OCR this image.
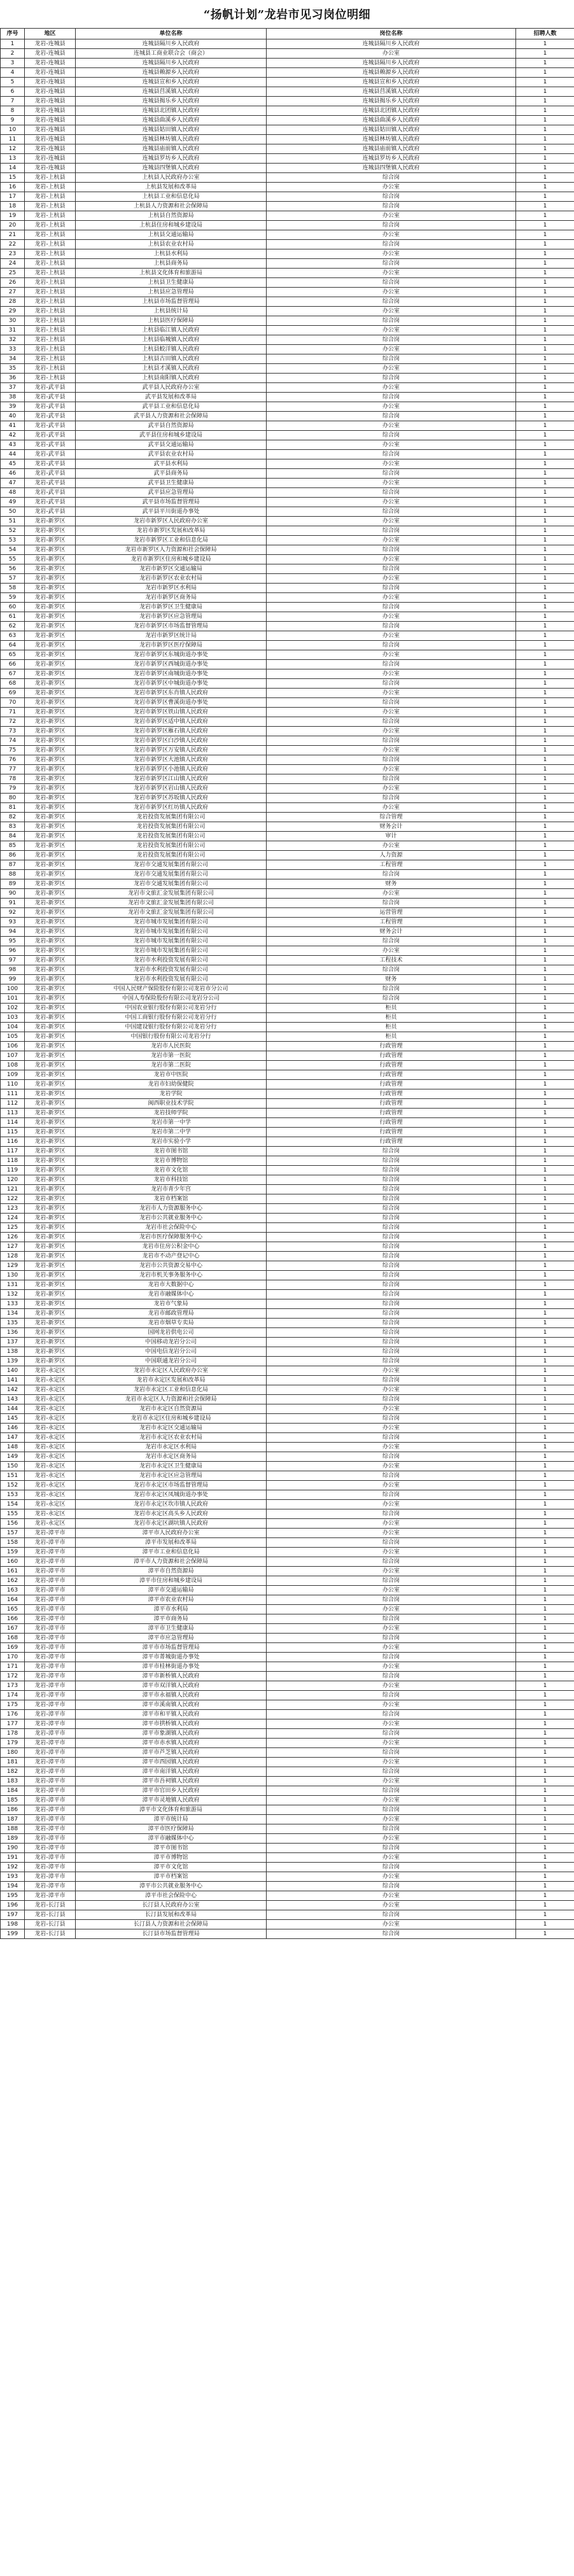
“扬帆计划”龙岩市见习岗位明细
序号	地区	单位名称	岗位名称	招聘人数
1	龙岩-连城县	连城县隔川乡人民政府	连城县隔川乡人民政府	1
2	龙岩-连城县	连城县工商业联合会（商会）	办公室	1
3	龙岩-连城县	连城县隔川乡人民政府	连城县隔川乡人民政府	1
4	龙岩-连城县	连城县赖源乡人民政府	连城县赖源乡人民政府	1
5	龙岩-连城县	连城县宣和乡人民政府	连城县宣和乡人民政府	1
6	龙岩-连城县	连城县莒溪镇人民政府	连城县莒溪镇人民政府	1
7	龙岩-连城县	连城县揭乐乡人民政府	连城县揭乐乡人民政府	1
8	龙岩-连城县	连城县北团镇人民政府	连城县北团镇人民政府	1
9	龙岩-连城县	连城县曲溪乡人民政府	连城县曲溪乡人民政府	1
10	龙岩-连城县	连城县姑田镇人民政府	连城县姑田镇人民政府	1
11	龙岩-连城县	连城县林坊镇人民政府	连城县林坊镇人民政府	1
12	龙岩-连城县	连城县庙前镇人民政府	连城县庙前镇人民政府	1
13	龙岩-连城县	连城县罗坊乡人民政府	连城县罗坊乡人民政府	1
14	龙岩-连城县	连城县四堡镇人民政府	连城县四堡镇人民政府	1
15	龙岩-上杭县	上杭县人民政府办公室	综合岗	1
16	龙岩-上杭县	上杭县发展和改革局	办公室	1
17	龙岩-上杭县	上杭县工业和信息化局	综合岗	1
18	龙岩-上杭县	上杭县人力资源和社会保障局	综合岗	1
19	龙岩-上杭县	上杭县自然资源局	办公室	1
20	龙岩-上杭县	上杭县住房和城乡建设局	综合岗	1
21	龙岩-上杭县	上杭县交通运输局	办公室	1
22	龙岩-上杭县	上杭县农业农村局	综合岗	1
23	龙岩-上杭县	上杭县水利局	办公室	1
24	龙岩-上杭县	上杭县商务局	综合岗	1
25	龙岩-上杭县	上杭县文化体育和旅游局	办公室	1
26	龙岩-上杭县	上杭县卫生健康局	综合岗	1
27	龙岩-上杭县	上杭县应急管理局	办公室	1
28	龙岩-上杭县	上杭县市场监督管理局	综合岗	1
29	龙岩-上杭县	上杭县统计局	办公室	1
30	龙岩-上杭县	上杭县医疗保障局	综合岗	1
31	龙岩-上杭县	上杭县临江镇人民政府	办公室	1
32	龙岩-上杭县	上杭县临城镇人民政府	综合岗	1
33	龙岩-上杭县	上杭县蛟洋镇人民政府	办公室	1
34	龙岩-上杭县	上杭县古田镇人民政府	综合岗	1
35	龙岩-上杭县	上杭县才溪镇人民政府	办公室	1
36	龙岩-上杭县	上杭县南阳镇人民政府	综合岗	1
37	龙岩-武平县	武平县人民政府办公室	办公室	1
38	龙岩-武平县	武平县发展和改革局	综合岗	1
39	龙岩-武平县	武平县工业和信息化局	办公室	1
40	龙岩-武平县	武平县人力资源和社会保障局	综合岗	1
41	龙岩-武平县	武平县自然资源局	办公室	1
42	龙岩-武平县	武平县住房和城乡建设局	综合岗	1
43	龙岩-武平县	武平县交通运输局	办公室	1
44	龙岩-武平县	武平县农业农村局	综合岗	1
45	龙岩-武平县	武平县水利局	办公室	1
46	龙岩-武平县	武平县商务局	综合岗	1
47	龙岩-武平县	武平县卫生健康局	办公室	1
48	龙岩-武平县	武平县应急管理局	综合岗	1
49	龙岩-武平县	武平县市场监督管理局	办公室	1
50	龙岩-武平县	武平县平川街道办事处	综合岗	1
51	龙岩-新罗区	龙岩市新罗区人民政府办公室	办公室	1
52	龙岩-新罗区	龙岩市新罗区发展和改革局	综合岗	1
53	龙岩-新罗区	龙岩市新罗区工业和信息化局	办公室	1
54	龙岩-新罗区	龙岩市新罗区人力资源和社会保障局	综合岗	1
55	龙岩-新罗区	龙岩市新罗区住房和城乡建设局	办公室	1
56	龙岩-新罗区	龙岩市新罗区交通运输局	综合岗	1
57	龙岩-新罗区	龙岩市新罗区农业农村局	办公室	1
58	龙岩-新罗区	龙岩市新罗区水利局	综合岗	1
59	龙岩-新罗区	龙岩市新罗区商务局	办公室	1
60	龙岩-新罗区	龙岩市新罗区卫生健康局	综合岗	1
61	龙岩-新罗区	龙岩市新罗区应急管理局	办公室	1
62	龙岩-新罗区	龙岩市新罗区市场监督管理局	综合岗	1
63	龙岩-新罗区	龙岩市新罗区统计局	办公室	1
64	龙岩-新罗区	龙岩市新罗区医疗保障局	综合岗	1
65	龙岩-新罗区	龙岩市新罗区东城街道办事处	办公室	1
66	龙岩-新罗区	龙岩市新罗区西城街道办事处	综合岗	1
67	龙岩-新罗区	龙岩市新罗区南城街道办事处	办公室	1
68	龙岩-新罗区	龙岩市新罗区中城街道办事处	综合岗	1
69	龙岩-新罗区	龙岩市新罗区东肖镇人民政府	办公室	1
70	龙岩-新罗区	龙岩市新罗区曹溪街道办事处	综合岗	1
71	龙岩-新罗区	龙岩市新罗区铁山镇人民政府	办公室	1
72	龙岩-新罗区	龙岩市新罗区适中镇人民政府	综合岗	1
73	龙岩-新罗区	龙岩市新罗区雁石镇人民政府	办公室	1
74	龙岩-新罗区	龙岩市新罗区白沙镇人民政府	综合岗	1
75	龙岩-新罗区	龙岩市新罗区万安镇人民政府	办公室	1
76	龙岩-新罗区	龙岩市新罗区大池镇人民政府	综合岗	1
77	龙岩-新罗区	龙岩市新罗区小池镇人民政府	办公室	1
78	龙岩-新罗区	龙岩市新罗区江山镇人民政府	综合岗	1
79	龙岩-新罗区	龙岩市新罗区岩山镇人民政府	办公室	1
80	龙岩-新罗区	龙岩市新罗区苏坂镇人民政府	综合岗	1
81	龙岩-新罗区	龙岩市新罗区红坊镇人民政府	办公室	1
82	龙岩-新罗区	龙岩投资发展集团有限公司	综合管理	1
83	龙岩-新罗区	龙岩投资发展集团有限公司	财务会计	1
84	龙岩-新罗区	龙岩投资发展集团有限公司	审计	1
85	龙岩-新罗区	龙岩投资发展集团有限公司	办公室	1
86	龙岩-新罗区	龙岩投资发展集团有限公司	人力资源	1
87	龙岩-新罗区	龙岩市交通发展集团有限公司	工程管理	1
88	龙岩-新罗区	龙岩市交通发展集团有限公司	综合岗	1
89	龙岩-新罗区	龙岩市交通发展集团有限公司	财务	1
90	龙岩-新罗区	龙岩市文旅汇金发展集团有限公司	办公室	1
91	龙岩-新罗区	龙岩市文旅汇金发展集团有限公司	综合岗	1
92	龙岩-新罗区	龙岩市文旅汇金发展集团有限公司	运营管理	1
93	龙岩-新罗区	龙岩市城市发展集团有限公司	工程管理	1
94	龙岩-新罗区	龙岩市城市发展集团有限公司	财务会计	1
95	龙岩-新罗区	龙岩市城市发展集团有限公司	综合岗	1
96	龙岩-新罗区	龙岩市城市发展集团有限公司	办公室	1
97	龙岩-新罗区	龙岩市水利投资发展有限公司	工程技术	1
98	龙岩-新罗区	龙岩市水利投资发展有限公司	综合岗	1
99	龙岩-新罗区	龙岩市水利投资发展有限公司	财务	1
100	龙岩-新罗区	中国人民财产保险股份有限公司龙岩市分公司	综合岗	1
101	龙岩-新罗区	中国人寿保险股份有限公司龙岩分公司	综合岗	1
102	龙岩-新罗区	中国农业银行股份有限公司龙岩分行	柜员	1
103	龙岩-新罗区	中国工商银行股份有限公司龙岩分行	柜员	1
104	龙岩-新罗区	中国建设银行股份有限公司龙岩分行	柜员	1
105	龙岩-新罗区	中国银行股份有限公司龙岩分行	柜员	1
106	龙岩-新罗区	龙岩市人民医院	行政管理	1
107	龙岩-新罗区	龙岩市第一医院	行政管理	1
108	龙岩-新罗区	龙岩市第二医院	行政管理	1
109	龙岩-新罗区	龙岩市中医院	行政管理	1
110	龙岩-新罗区	龙岩市妇幼保健院	行政管理	1
111	龙岩-新罗区	龙岩学院	行政管理	1
112	龙岩-新罗区	闽西职业技术学院	行政管理	1
113	龙岩-新罗区	龙岩技师学院	行政管理	1
114	龙岩-新罗区	龙岩市第一中学	行政管理	1
115	龙岩-新罗区	龙岩市第二中学	行政管理	1
116	龙岩-新罗区	龙岩市实验小学	行政管理	1
117	龙岩-新罗区	龙岩市图书馆	综合岗	1
118	龙岩-新罗区	龙岩市博物馆	综合岗	1
119	龙岩-新罗区	龙岩市文化馆	综合岗	1
120	龙岩-新罗区	龙岩市科技馆	综合岗	1
121	龙岩-新罗区	龙岩市青少年宫	综合岗	1
122	龙岩-新罗区	龙岩市档案馆	综合岗	1
123	龙岩-新罗区	龙岩市人力资源服务中心	综合岗	1
124	龙岩-新罗区	龙岩市公共就业服务中心	综合岗	1
125	龙岩-新罗区	龙岩市社会保险中心	综合岗	1
126	龙岩-新罗区	龙岩市医疗保障服务中心	综合岗	1
127	龙岩-新罗区	龙岩市住房公积金中心	综合岗	1
128	龙岩-新罗区	龙岩市不动产登记中心	综合岗	1
129	龙岩-新罗区	龙岩市公共资源交易中心	综合岗	1
130	龙岩-新罗区	龙岩市机关事务服务中心	综合岗	1
131	龙岩-新罗区	龙岩市大数据中心	综合岗	1
132	龙岩-新罗区	龙岩市融媒体中心	综合岗	1
133	龙岩-新罗区	龙岩市气象局	综合岗	1
134	龙岩-新罗区	龙岩市邮政管理局	综合岗	1
135	龙岩-新罗区	龙岩市烟草专卖局	综合岗	1
136	龙岩-新罗区	国网龙岩供电公司	综合岗	1
137	龙岩-新罗区	中国移动龙岩分公司	综合岗	1
138	龙岩-新罗区	中国电信龙岩分公司	综合岗	1
139	龙岩-新罗区	中国联通龙岩分公司	综合岗	1
140	龙岩-永定区	龙岩市永定区人民政府办公室	办公室	1
141	龙岩-永定区	龙岩市永定区发展和改革局	综合岗	1
142	龙岩-永定区	龙岩市永定区工业和信息化局	办公室	1
143	龙岩-永定区	龙岩市永定区人力资源和社会保障局	综合岗	1
144	龙岩-永定区	龙岩市永定区自然资源局	办公室	1
145	龙岩-永定区	龙岩市永定区住房和城乡建设局	综合岗	1
146	龙岩-永定区	龙岩市永定区交通运输局	办公室	1
147	龙岩-永定区	龙岩市永定区农业农村局	综合岗	1
148	龙岩-永定区	龙岩市永定区水利局	办公室	1
149	龙岩-永定区	龙岩市永定区商务局	综合岗	1
150	龙岩-永定区	龙岩市永定区卫生健康局	办公室	1
151	龙岩-永定区	龙岩市永定区应急管理局	综合岗	1
152	龙岩-永定区	龙岩市永定区市场监督管理局	办公室	1
153	龙岩-永定区	龙岩市永定区凤城街道办事处	综合岗	1
154	龙岩-永定区	龙岩市永定区坎市镇人民政府	办公室	1
155	龙岩-永定区	龙岩市永定区高头乡人民政府	综合岗	1
156	龙岩-永定区	龙岩市永定区湖坑镇人民政府	办公室	1
157	龙岩-漳平市	漳平市人民政府办公室	办公室	1
158	龙岩-漳平市	漳平市发展和改革局	综合岗	1
159	龙岩-漳平市	漳平市工业和信息化局	办公室	1
160	龙岩-漳平市	漳平市人力资源和社会保障局	综合岗	1
161	龙岩-漳平市	漳平市自然资源局	办公室	1
162	龙岩-漳平市	漳平市住房和城乡建设局	综合岗	1
163	龙岩-漳平市	漳平市交通运输局	办公室	1
164	龙岩-漳平市	漳平市农业农村局	综合岗	1
165	龙岩-漳平市	漳平市水利局	办公室	1
166	龙岩-漳平市	漳平市商务局	综合岗	1
167	龙岩-漳平市	漳平市卫生健康局	办公室	1
168	龙岩-漳平市	漳平市应急管理局	综合岗	1
169	龙岩-漳平市	漳平市市场监督管理局	办公室	1
170	龙岩-漳平市	漳平市菁城街道办事处	综合岗	1
171	龙岩-漳平市	漳平市桂林街道办事处	办公室	1
172	龙岩-漳平市	漳平市新桥镇人民政府	综合岗	1
173	龙岩-漳平市	漳平市双洋镇人民政府	办公室	1
174	龙岩-漳平市	漳平市永福镇人民政府	综合岗	1
175	龙岩-漳平市	漳平市溪南镇人民政府	办公室	1
176	龙岩-漳平市	漳平市和平镇人民政府	综合岗	1
177	龙岩-漳平市	漳平市拱桥镇人民政府	办公室	1
178	龙岩-漳平市	漳平市象湖镇人民政府	综合岗	1
179	龙岩-漳平市	漳平市赤水镇人民政府	办公室	1
180	龙岩-漳平市	漳平市芦芝镇人民政府	综合岗	1
181	龙岩-漳平市	漳平市西园镇人民政府	办公室	1
182	龙岩-漳平市	漳平市南洋镇人民政府	综合岗	1
183	龙岩-漳平市	漳平市吾祠镇人民政府	办公室	1
184	龙岩-漳平市	漳平市官田乡人民政府	综合岗	1
185	龙岩-漳平市	漳平市灵地镇人民政府	办公室	1
186	龙岩-漳平市	漳平市文化体育和旅游局	综合岗	1
187	龙岩-漳平市	漳平市统计局	办公室	1
188	龙岩-漳平市	漳平市医疗保障局	综合岗	1
189	龙岩-漳平市	漳平市融媒体中心	办公室	1
190	龙岩-漳平市	漳平市图书馆	综合岗	1
191	龙岩-漳平市	漳平市博物馆	办公室	1
192	龙岩-漳平市	漳平市文化馆	综合岗	1
193	龙岩-漳平市	漳平市档案馆	办公室	1
194	龙岩-漳平市	漳平市公共就业服务中心	综合岗	1
195	龙岩-漳平市	漳平市社会保险中心	办公室	1
196	龙岩-长汀县	长汀县人民政府办公室	办公室	1
197	龙岩-长汀县	长汀县发展和改革局	综合岗	1
198	龙岩-长汀县	长汀县人力资源和社会保障局	办公室	1
199	龙岩-长汀县	长汀县市场监督管理局	综合岗	1
